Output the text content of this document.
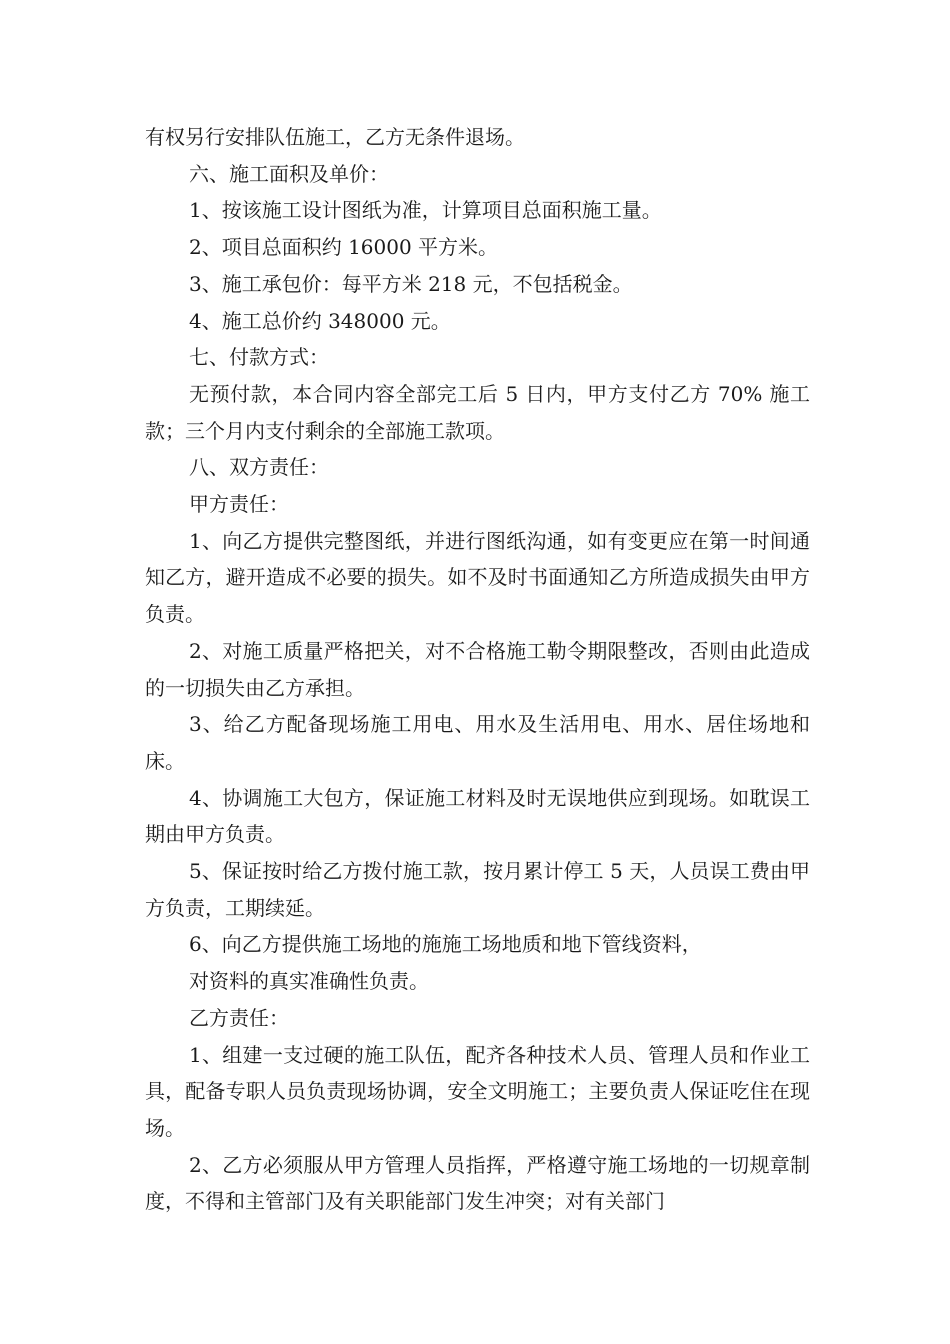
有权另行安排队伍施工，乙方无条件退场。

六、施工面积及单价：

1、按该施工设计图纸为准，计算项目总面积施工量。

2、项目总面积约 16000 平方米。

3、施工承包价：每平方米 218 元，不包括税金。

4、施工总价约 348000 元。

七、付款方式：

无预付款，本合同内容全部完工后 5 日内，甲方支付乙方 70% 施工款；三个月内支付剩余的全部施工款项。

八、双方责任：

甲方责任：

1、向乙方提供完整图纸，并进行图纸沟通，如有变更应在第一时间通知乙方，避开造成不必要的损失。如不及时书面通知乙方所造成损失由甲方负责。

2、对施工质量严格把关，对不合格施工勒令期限整改，否则由此造成的一切损失由乙方承担。

3、给乙方配备现场施工用电、用水及生活用电、用水、居住场地和床。

4、协调施工大包方，保证施工材料及时无误地供应到现场。如耽误工期由甲方负责。

5、保证按时给乙方拨付施工款，按月累计停工 5 天，人员误工费由甲方负责，工期续延。

6、向乙方提供施工场地的施施工场地质和地下管线资料，

对资料的真实准确性负责。

乙方责任：

1、组建一支过硬的施工队伍，配齐各种技术人员、管理人员和作业工具，配备专职人员负责现场协调，安全文明施工；主要负责人保证吃住在现场。

2、乙方必须服从甲方管理人员指挥，严格遵守施工场地的一切规章制度，不得和主管部门及有关职能部门发生冲突；对有关部门
